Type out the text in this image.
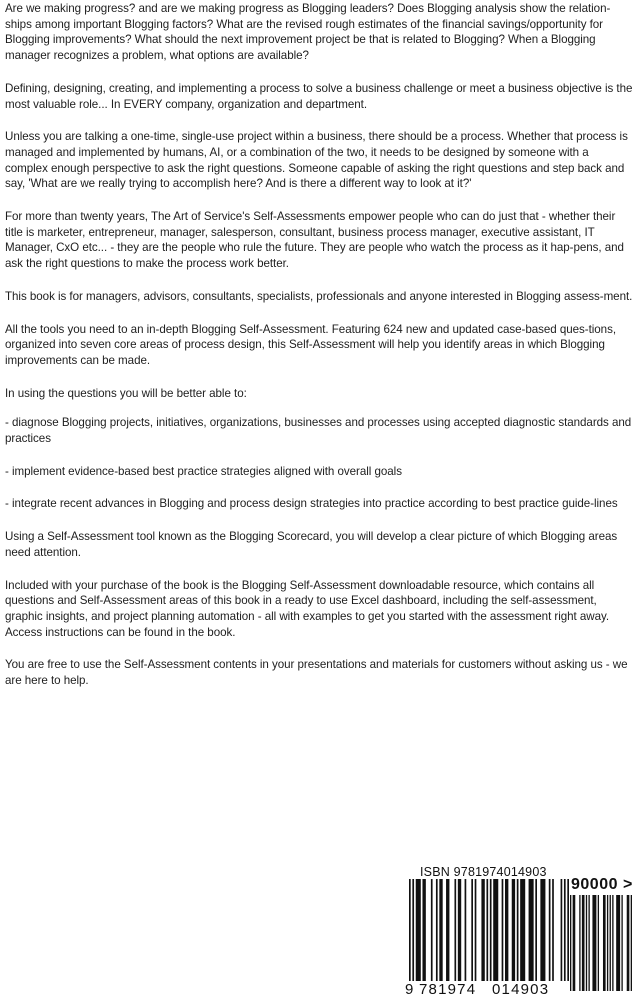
Are we making progress? and are we making progress as Blogging leaders? Does Blogging analysis show the relation-ships among important Blogging factors? What are the revised rough estimates of the financial savings/opportunity for Blogging improvements? What should the next improvement project be that is related to Blogging? When a Blogging manager recognizes a problem, what options are available?

Defining, designing, creating, and implementing a process to solve a business challenge or meet a business objective is the most valuable role... In EVERY company, organization and department.

Unless you are talking a one-time, single-use project within a business, there should be a process. Whether that process is managed and implemented by humans, AI, or a combination of the two, it needs to be designed by someone with a complex enough perspective to ask the right questions. Someone capable of asking the right questions and step back and say, 'What are we really trying to accomplish here? And is there a different way to look at it?'

For more than twenty years, The Art of Service's Self-Assessments empower people who can do just that - whether their title is marketer, entrepreneur, manager, salesperson, consultant, business process manager, executive assistant, IT Manager, CxO etc... - they are the people who rule the future. They are people who watch the process as it hap-pens, and ask the right questions to make the process work better.

This book is for managers, advisors, consultants, specialists, professionals and anyone interested in Blogging assess-ment.

All the tools you need to an in-depth Blogging Self-Assessment. Featuring 624 new and updated case-based ques-tions, organized into seven core areas of process design, this Self-Assessment will help you identify areas in which Blogging improvements can be made.

In using the questions you will be better able to:

- diagnose Blogging projects, initiatives, organizations, businesses and processes using accepted diagnostic standards and practices

- implement evidence-based best practice strategies aligned with overall goals

- integrate recent advances in Blogging and process design strategies into practice according to best practice guide-lines

Using a Self-Assessment tool known as the Blogging Scorecard, you will develop a clear picture of which Blogging areas need attention.

Included with your purchase of the book is the Blogging Self-Assessment downloadable resource, which contains all questions and Self-Assessment areas of this book in a ready to use Excel dashboard, including the self-assessment, graphic insights, and project planning automation - all with examples to get you started with the assessment right away. Access instructions can be found in the book.

You are free to use the Self-Assessment contents in your presentations and materials for customers without asking us - we are here to help.

ISBN 9781974014903
90000 >
9 781974 014903
